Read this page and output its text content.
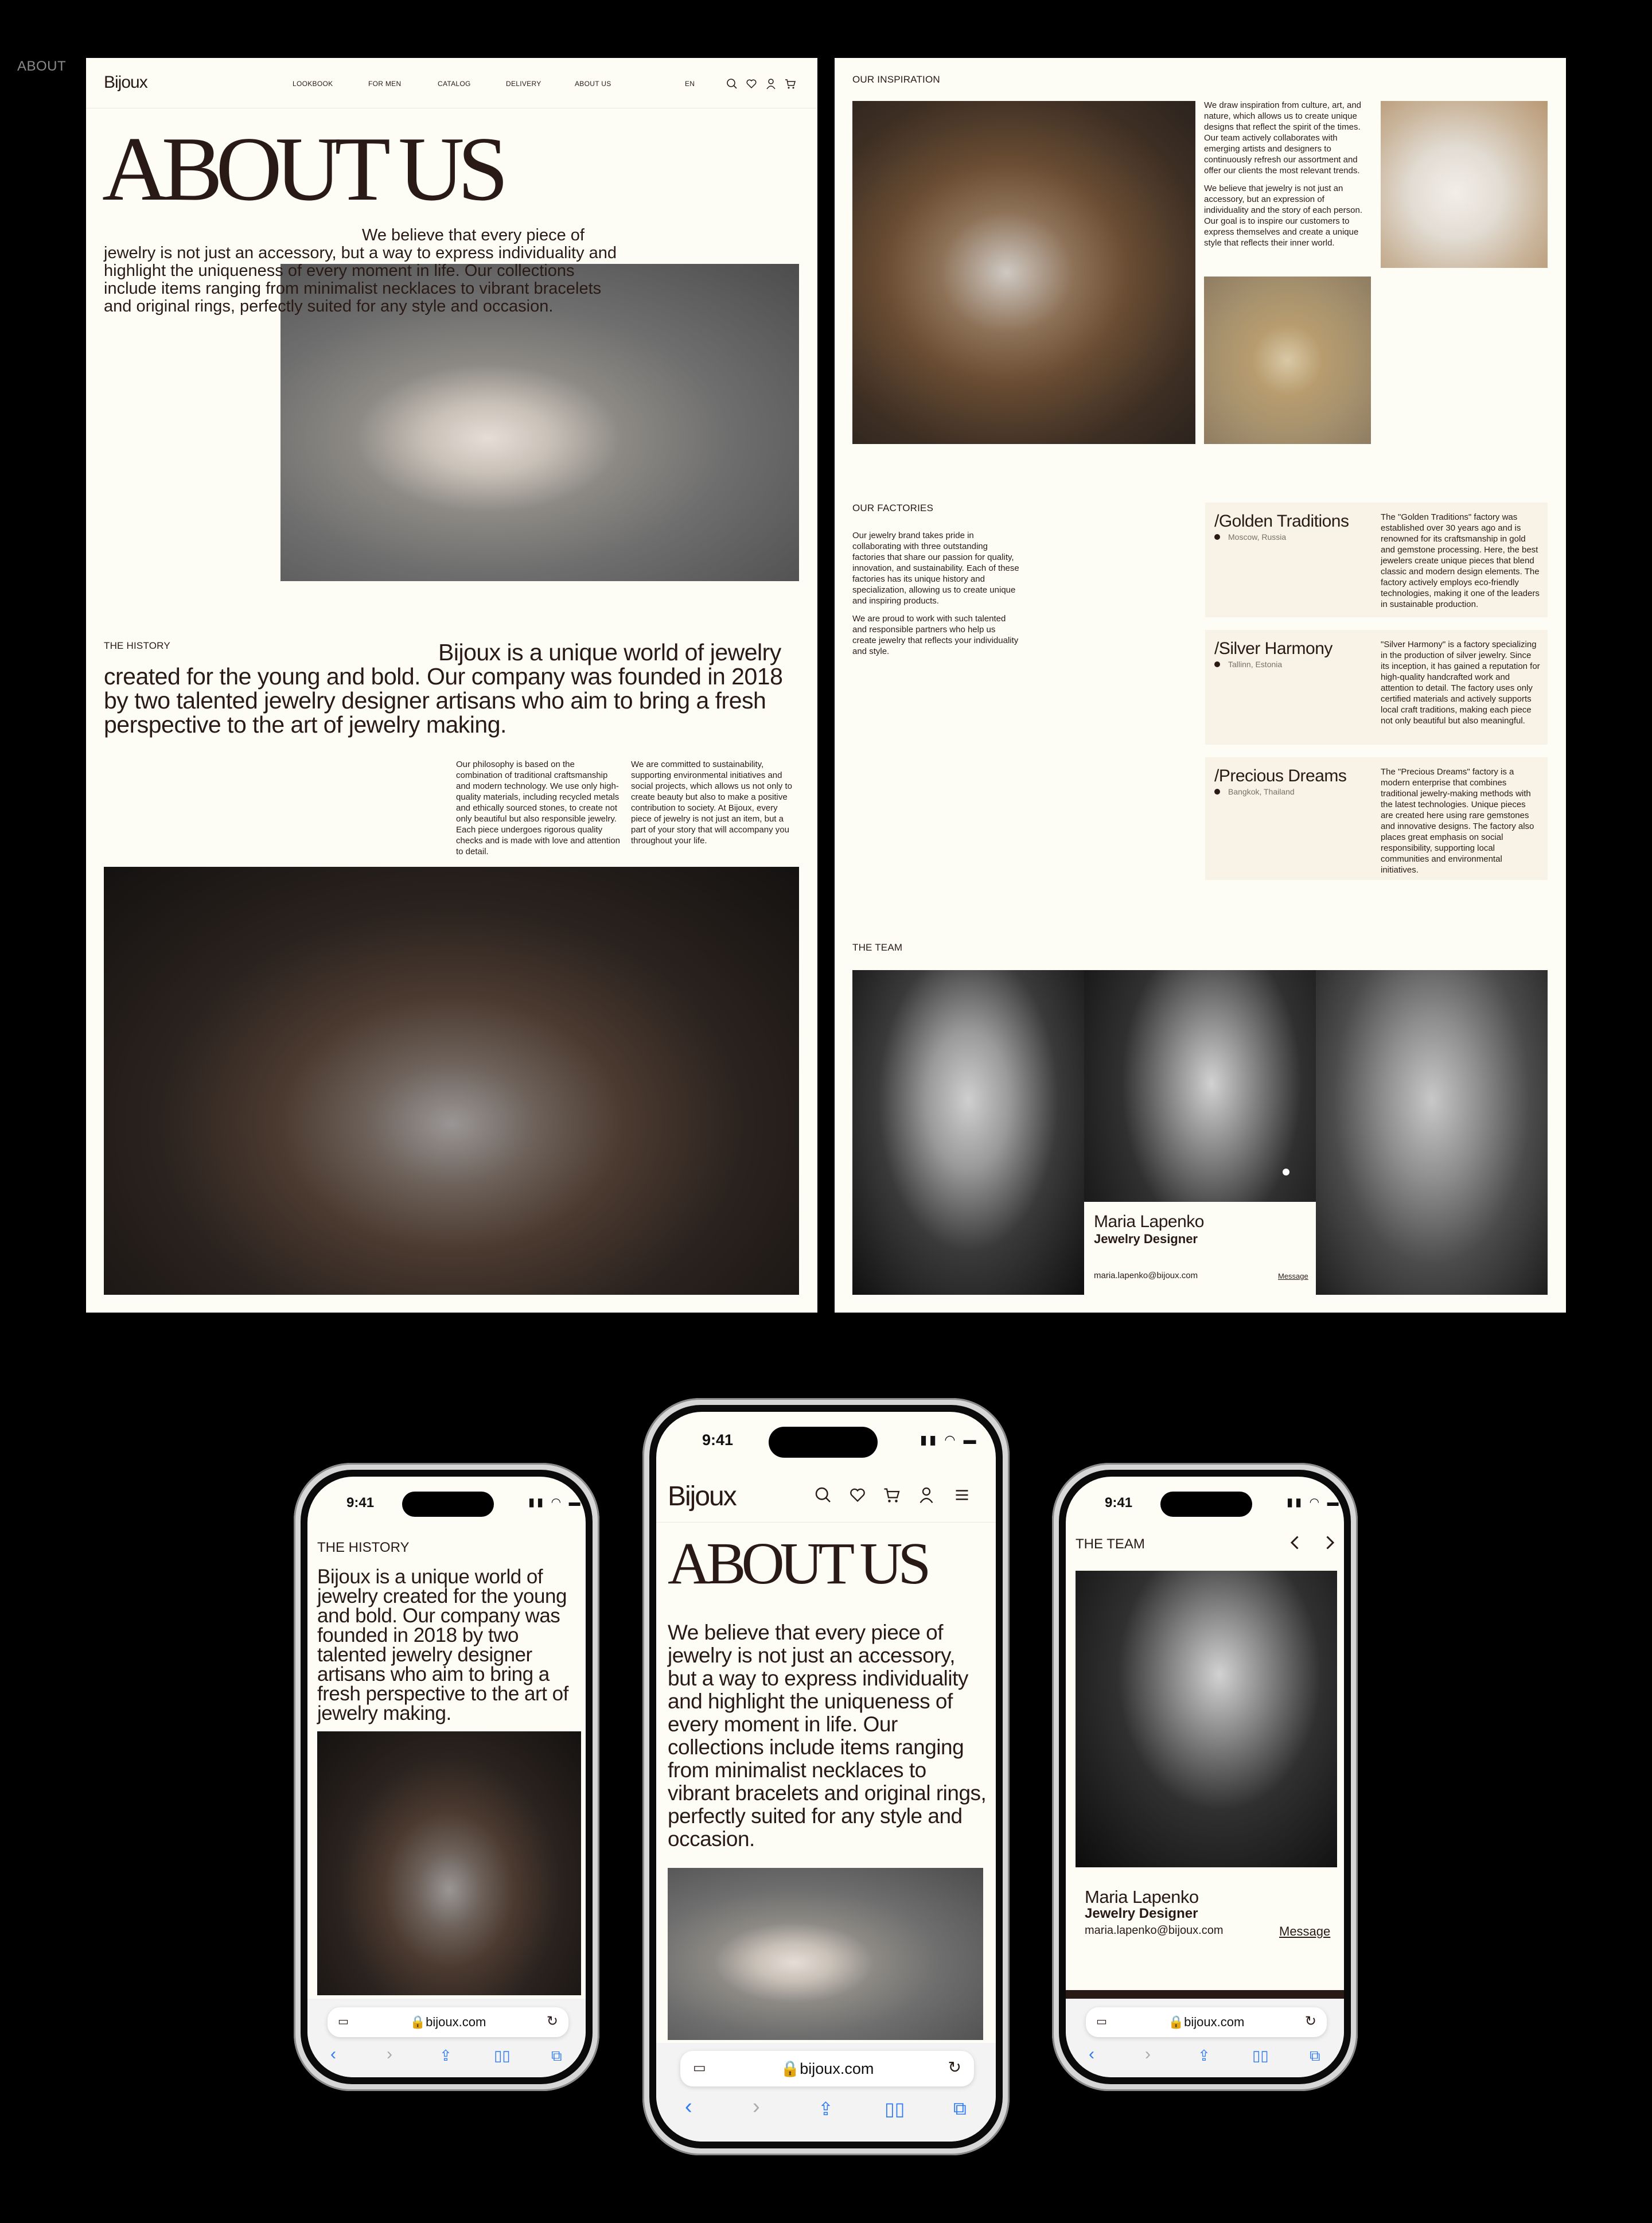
ABOUT
Bijoux	LOOKBOOK	FOR MEN	CATALOG	DELIVERY	ABOUT US	EN
ABOUT US
We believe that every piece of jewelry is not just an accessory, but a way to express individuality and highlight the uniqueness of every moment in life. Our collections include items ranging from minimalist necklaces to vibrant bracelets and original rings, perfectly suited for any style and occasion.
THE HISTORY	Bijoux is a unique world of jewelry created for the young and bold. Our company was founded in 2018 by two talented jewelry designer artisans who aim to bring a fresh perspective to the art of jewelry making.
Our philosophy is based on the combination of traditional craftsmanship and modern technology. We use only high-quality materials, including recycled metals and ethically sourced stones, to create not only beautiful but also responsible jewelry. Each piece undergoes rigorous quality checks and is made with love and attention to detail.
We are committed to sustainability, supporting environmental initiatives and social projects, which allows us not only to create beauty but also to make a positive contribution to society. At Bijoux, every piece of jewelry is not just an item, but a part of your story that will accompany you throughout your life.
OUR INSPIRATION
We draw inspiration from culture, art, and nature, which allows us to create unique designs that reflect the spirit of the times. Our team actively collaborates with emerging artists and designers to continuously refresh our assortment and offer our clients the most relevant trends.
We believe that jewelry is not just an accessory, but an expression of individuality and the story of each person. Our goal is to inspire our customers to express themselves and create a unique style that reflects their inner world.
OUR FACTORIES
Our jewelry brand takes pride in collaborating with three outstanding factories that share our passion for quality, innovation, and sustainability. Each of these factories has its unique history and specialization, allowing us to create unique and inspiring products.
We are proud to work with such talented and responsible partners who help us create jewelry that reflects your individuality and style.
/Golden Traditions
Moscow, Russia
The "Golden Traditions" factory was established over 30 years ago and is renowned for its craftsmanship in gold and gemstone processing. Here, the best jewelers create unique pieces that blend classic and modern design elements. The factory actively employs eco-friendly technologies, making it one of the leaders in sustainable production.
/Silver Harmony
Tallinn, Estonia
"Silver Harmony" is a factory specializing in the production of silver jewelry. Since its inception, it has gained a reputation for high-quality handcrafted work and attention to detail. The factory uses only certified materials and actively supports local craft traditions, making each piece not only beautiful but also meaningful.
/Precious Dreams
Bangkok, Thailand
The "Precious Dreams" factory is a modern enterprise that combines traditional jewelry-making methods with the latest technologies. Unique pieces are created here using rare gemstones and innovative designs. The factory also places great emphasis on social responsibility, supporting local communities and environmental initiatives.
THE TEAM
Maria Lapenko
Jewelry Designer
maria.lapenko@bijoux.com	Message
9:41	▮▮ ◠ ▬
THE HISTORY
Bijoux is a unique world of jewelry created for the young and bold. Our company was founded in 2018 by two talented jewelry designer artisans who aim to bring a fresh perspective to the art of jewelry making.
▭	🔒bijoux.com	↻
‹	›	⇪	▯▯	⧉
9:41	▮▮ ◠ ▬
Bijoux
ABOUT US
We believe that every piece of jewelry is not just an accessory, but a way to express individuality and highlight the uniqueness of every moment in life. Our collections include items ranging from minimalist necklaces to vibrant bracelets and original rings, perfectly suited for any style and occasion.
▭	🔒bijoux.com	↻
‹	›	⇪	▯▯	⧉
9:41	▮▮ ◠ ▬
THE TEAM
Maria Lapenko
Jewelry Designer
maria.lapenko@bijoux.com	Message
▭	🔒bijoux.com	↻
‹	›	⇪	▯▯	⧉
